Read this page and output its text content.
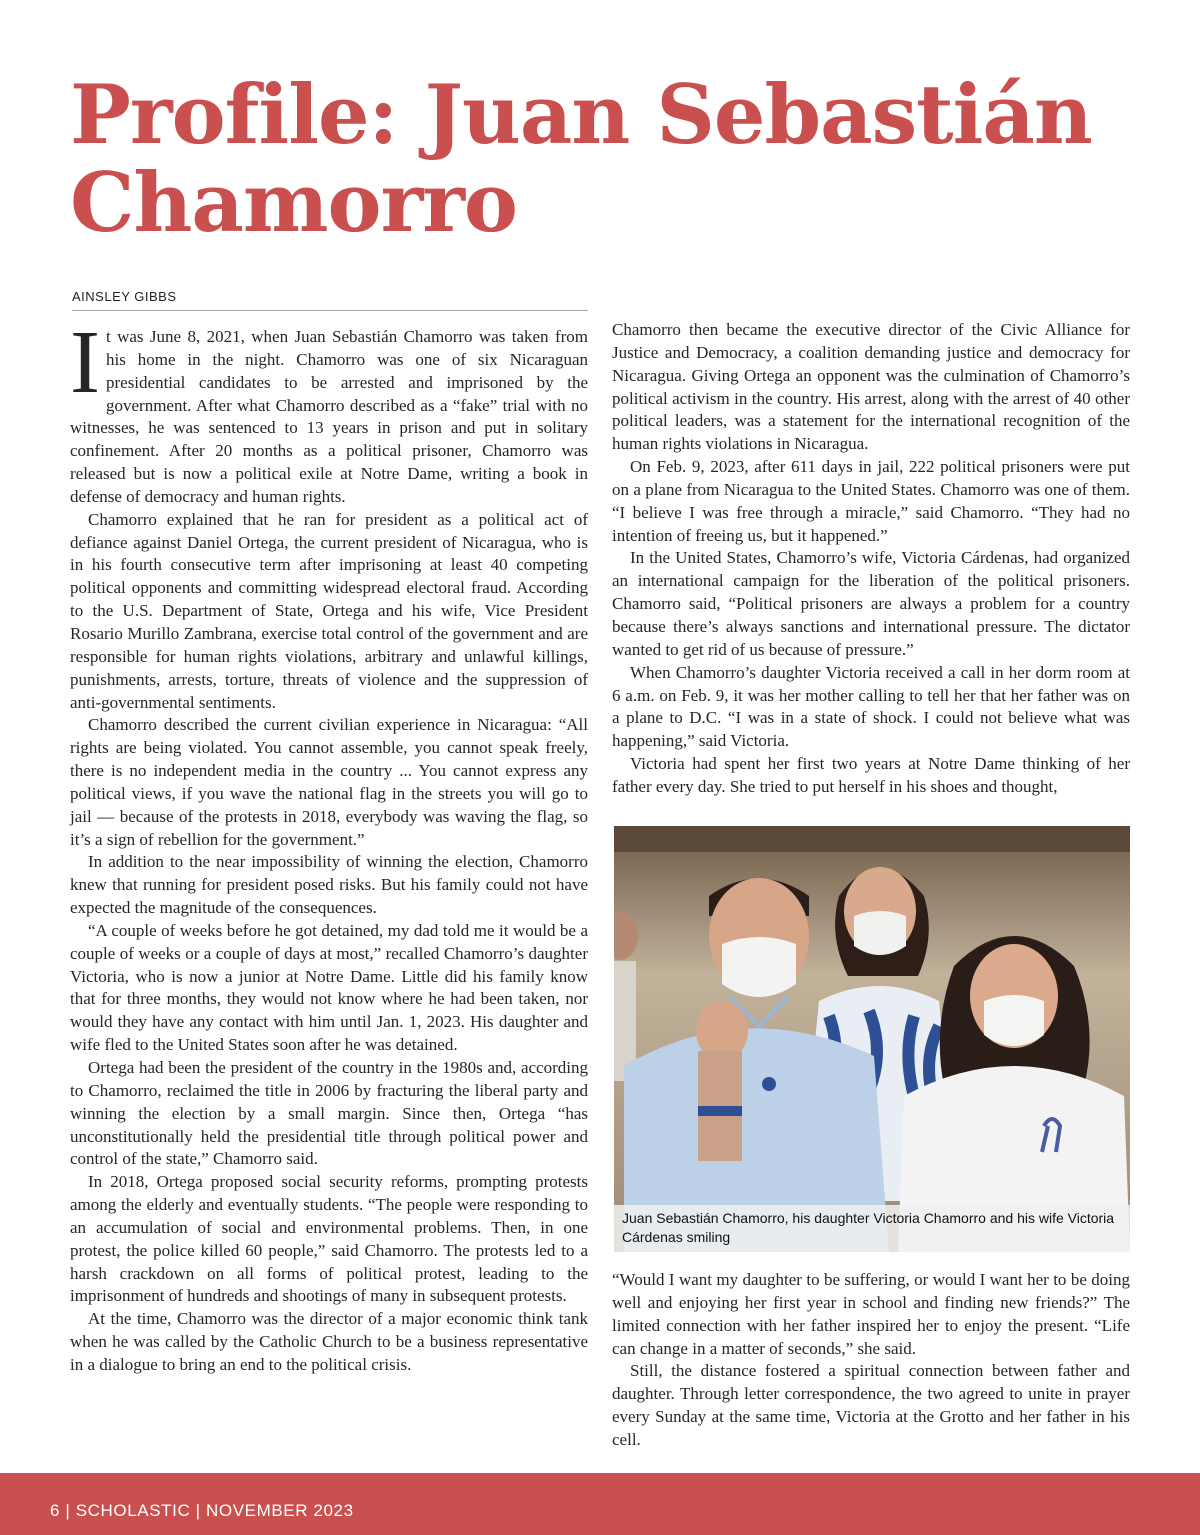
Profile: Juan Sebastián Chamorro
AINSLEY GIBBS

It was June 8, 2021, when Juan Sebastián Chamorro was taken from his home in the night. Chamorro was one of six Nicaraguan presidential candidates to be arrested and imprisoned by the government. After what Chamorro described as a “fake” trial with no witnesses, he was sentenced to 13 years in prison and put in solitary confinement. After 20 months as a political prisoner, Chamorro was released but is now a political exile at Notre Dame, writing a book in defense of democracy and human rights.

Chamorro explained that he ran for president as a political act of defiance against Daniel Ortega, the current president of Nicaragua, who is in his fourth consecutive term after imprisoning at least 40 competing political opponents and committing widespread electoral fraud. According to the U.S. Department of State, Ortega and his wife, Vice President Rosario Murillo Zambrana, exercise total control of the government and are responsible for human rights violations, arbitrary and unlawful killings, punishments, arrests, torture, threats of violence and the suppression of anti-governmental sentiments.

Chamorro described the current civilian experience in Nicaragua: “All rights are being violated. You cannot assemble, you cannot speak freely, there is no independent media in the country ... You cannot express any political views, if you wave the national flag in the streets you will go to jail — because of the protests in 2018, everybody was waving the flag, so it’s a sign of rebellion for the government.”

In addition to the near impossibility of winning the election, Chamorro knew that running for president posed risks. But his family could not have expected the magnitude of the consequences.

“A couple of weeks before he got detained, my dad told me it would be a couple of weeks or a couple of days at most,” recalled Chamorro’s daughter Victoria, who is now a junior at Notre Dame. Little did his family know that for three months, they would not know where he had been taken, nor would they have any contact with him until Jan. 1, 2023. His daughter and wife fled to the United States soon after he was detained.

Ortega had been the president of the country in the 1980s and, according to Chamorro, reclaimed the title in 2006 by fracturing the liberal party and winning the election by a small margin. Since then, Ortega “has unconstitutionally held the presidential title through political power and control of the state,” Chamorro said.

In 2018, Ortega proposed social security reforms, prompting protests among the elderly and eventually students. “The people were responding to an accumulation of social and environmental problems. Then, in one protest, the police killed 60 people,” said Chamorro. The protests led to a harsh crackdown on all forms of political protest, leading to the imprisonment of hundreds and shootings of many in subsequent protests.

At the time, Chamorro was the director of a major economic think tank when he was called by the Catholic Church to be a business representative in a dialogue to bring an end to the political crisis.

Chamorro then became the executive director of the Civic Alliance for Justice and Democracy, a coalition demanding justice and democracy for Nicaragua. Giving Ortega an opponent was the culmination of Chamorro’s political activism in the country. His arrest, along with the arrest of 40 other political leaders, was a statement for the international recognition of the human rights violations in Nicaragua.

On Feb. 9, 2023, after 611 days in jail, 222 political prisoners were put on a plane from Nicaragua to the United States. Chamorro was one of them. “I believe I was free through a miracle,” said Chamorro. “They had no intention of freeing us, but it happened.”

In the United States, Chamorro’s wife, Victoria Cárdenas, had organized an international campaign for the liberation of the political prisoners. Chamorro said, “Political prisoners are always a problem for a country because there’s always sanctions and international pressure. The dictator wanted to get rid of us because of pressure.”

When Chamorro’s daughter Victoria received a call in her dorm room at 6 a.m. on Feb. 9, it was her mother calling to tell her that her father was on a plane to D.C. “I was in a state of shock. I could not believe what was happening,” said Victoria.

Victoria had spent her first two years at Notre Dame thinking of her father every day. She tried to put herself in his shoes and thought,

Juan Sebastián Chamorro, his daughter Victoria Chamorro and his wife Victoria Cárdenas smiling

“Would I want my daughter to be suffering, or would I want her to be doing well and enjoying her first year in school and finding new friends?” The limited connection with her father inspired her to enjoy the present. “Life can change in a matter of seconds,” she said.

Still, the distance fostered a spiritual connection between father and daughter. Through letter correspondence, the two agreed to unite in prayer every Sunday at the same time, Victoria at the Grotto and her father in his cell.

6 | SCHOLASTIC | NOVEMBER 2023
